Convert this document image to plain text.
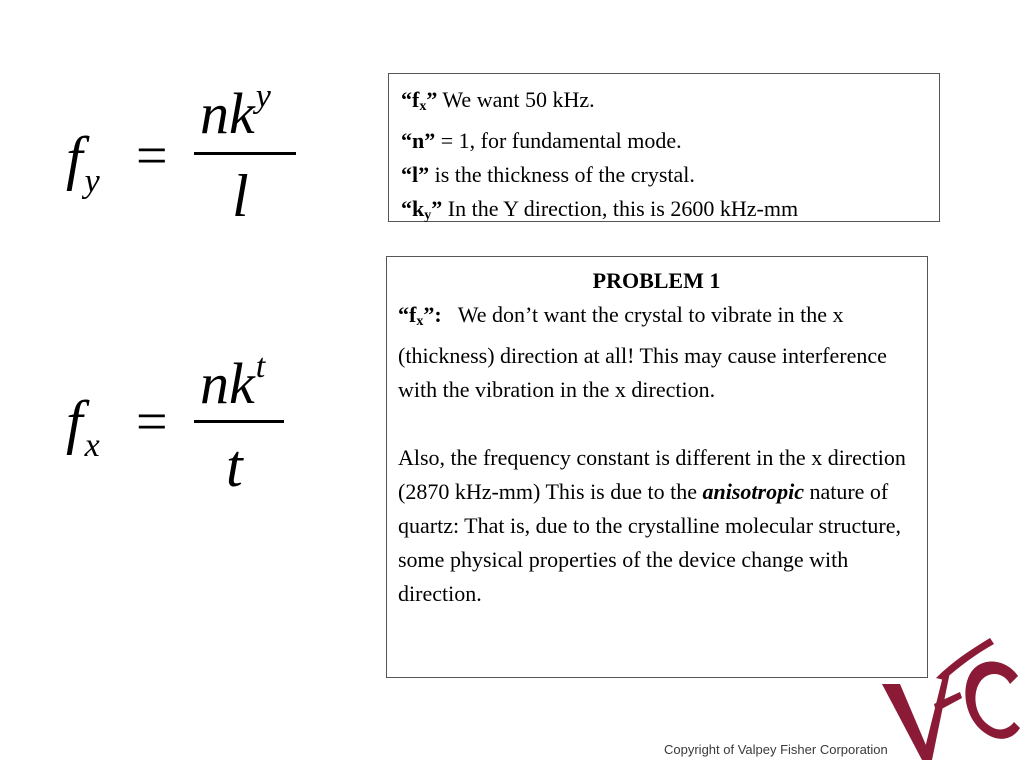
$f_y$ =
$nk_y$
l
$f_x$ =
$nk_t$
t
“$f_x$” We want 50 kHz.
“n” = 1, for fundamental mode.
“l” is the thickness of the crystal.
“$k_y$” In the Y direction, this is 2600 kHz-mm
PROBLEM 1
“$f_x$”:   We don’t want the crystal to vibrate in the x (thickness) direction at all! This may cause interference with the vibration in the x direction.
Also, the frequency constant is different in the x direction (2870 kHz-mm) This is due to the anisotropic nature of quartz: That is, due to the crystalline molecular structure, some physical properties of the device change with direction.
Copyright of Valpey Fisher Corporation
